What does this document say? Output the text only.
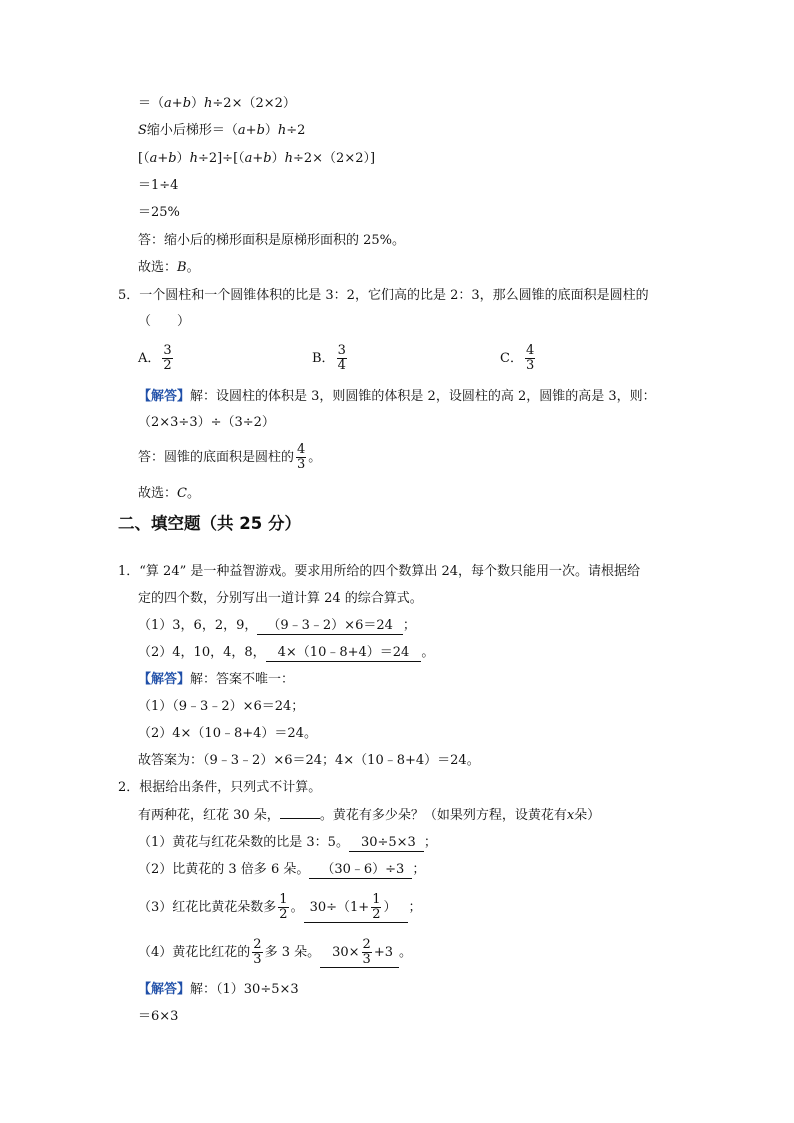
＝（a+b）h÷2×（2×2）
S缩小后梯形＝（a+b）h÷2
[（a+b）h÷2]÷[（a+b）h÷2×（2×2）]
＝1÷4
＝25%
答：缩小后的梯形面积是原梯形面积的 25%。
故选：B。
5．一个圆柱和一个圆锥体积的比是 3：2，它们高的比是 2：3，那么圆锥的底面积是圆柱的
（　　）
A． $\frac{3}{2}$	B． $\frac{3}{4}$	C． $\frac{4}{3}$
【解答】解：设圆柱的体积是 3，则圆锥的体积是 2，设圆柱的高 2，圆锥的高是 3，则：
（2×3÷3）÷（3÷2）
答：圆锥的底面积是圆柱的 $\frac{4}{3}$ 。
故选：C。
二、填空题（共 25 分）
1．“算 24” 是一种益智游戏。要求用所给的四个数算出 24，每个数只能用一次。请根据给
定的四个数，分别写出一道计算 24 的综合算式。
（1）3，6，2，9， （9﹣3﹣2）×6＝24 ；
（2）4，10，4，8， 4×（10﹣8+4）＝24 。
【解答】解：答案不唯一：
（1）（9﹣3﹣2）×6＝24；
（2）4×（10﹣8+4）＝24。
故答案为：（9﹣3﹣2）×6＝24；4×（10﹣8+4）＝24。
2．根据给出条件，只列式不计算。
有两种花，红花 30 朵，	。黄花有多少朵？（如果列方程，设黄花有x朵）
（1）黄花与红花朵数的比是 3：5。 30÷5×3 ；
（2）比黄花的 3 倍多 6 朵。 （30﹣6）÷3 ；
（3）红花比黄花朵数多 $\frac{1}{2}$ 。 $30\div(1+ \frac{1}{2}$ ） ；
（4）黄花比红花的 $\frac{2}{3}$ 多 3 朵。 $30\times \frac{2}{3} +3$ 。
【解答】解：（1）30÷5×3
＝6×3
